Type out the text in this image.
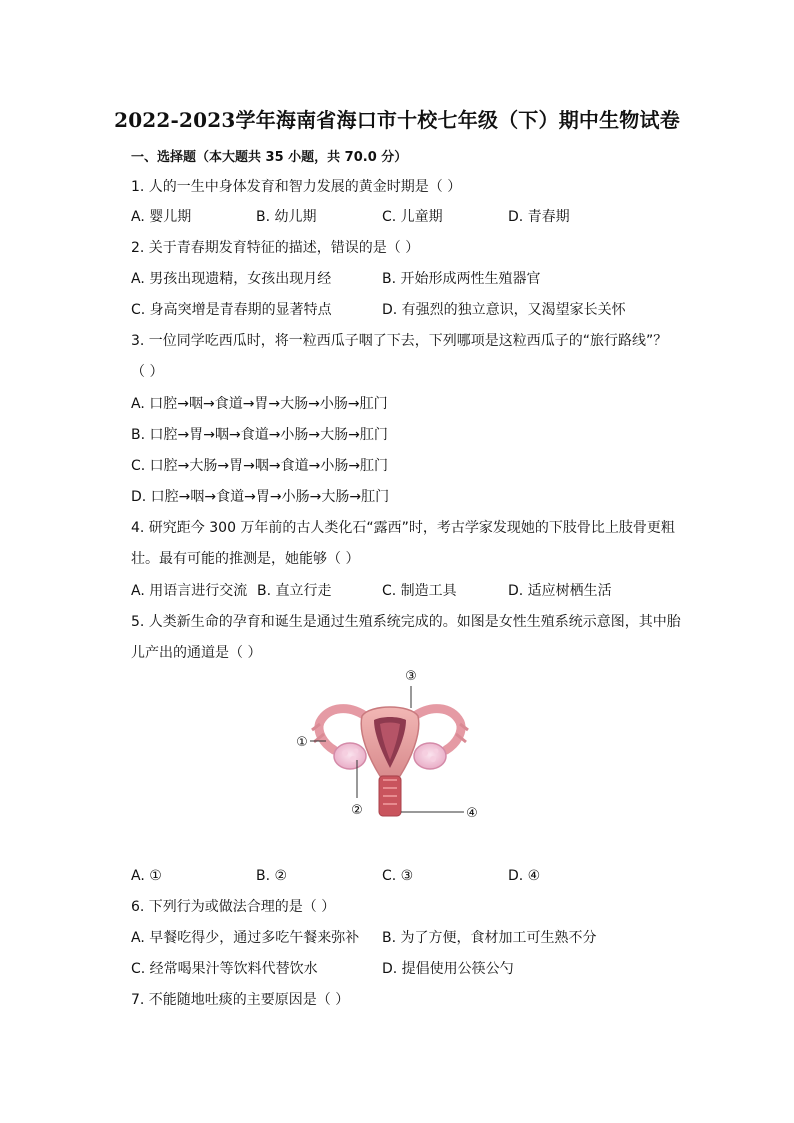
2022-2023学年海南省海口市十校七年级（下）期中生物试卷
一、选择题（本大题共 35 小题，共 70.0 分）
1. 人的一生中身体发育和智力发展的黄金时期是（ ）
A. 婴儿期	B. 幼儿期	C. 儿童期	D. 青春期
2. 关于青春期发育特征的描述，错误的是（ ）
A. 男孩出现遗精，女孩出现月经	B. 开始形成两性生殖器官
C. 身高突增是青春期的显著特点	D. 有强烈的独立意识，又渴望家长关怀
3. 一位同学吃西瓜时，将一粒西瓜子咽了下去，下列哪项是这粒西瓜子的“旅行路线”？
（ ）
A. 口腔→咽→食道→胃→大肠→小肠→肛门
B. 口腔→胃→咽→食道→小肠→大肠→肛门
C. 口腔→大肠→胃→咽→食道→小肠→肛门
D. 口腔→咽→食道→胃→小肠→大肠→肛门
4. 研究距今 300 万年前的古人类化石“露西”时，考古学家发现她的下肢骨比上肢骨更粗
壮。最有可能的推测是，她能够（ ）
A. 用语言进行交流 B. 直立行走	C. 制造工具	D. 适应树栖生活
5. 人类新生命的孕育和诞生是通过生殖系统完成的。如图是女性生殖系统示意图，其中胎
儿产出的通道是（ ）
③
①
②	④
A. ①	B. ②	C. ③	D. ④
6. 下列行为或做法合理的是（ ）
A. 早餐吃得少，通过多吃午餐来弥补 B. 为了方便，食材加工可生熟不分
C. 经常喝果汁等饮料代替饮水	D. 提倡使用公筷公勺
7. 不能随地吐痰的主要原因是（ ）
